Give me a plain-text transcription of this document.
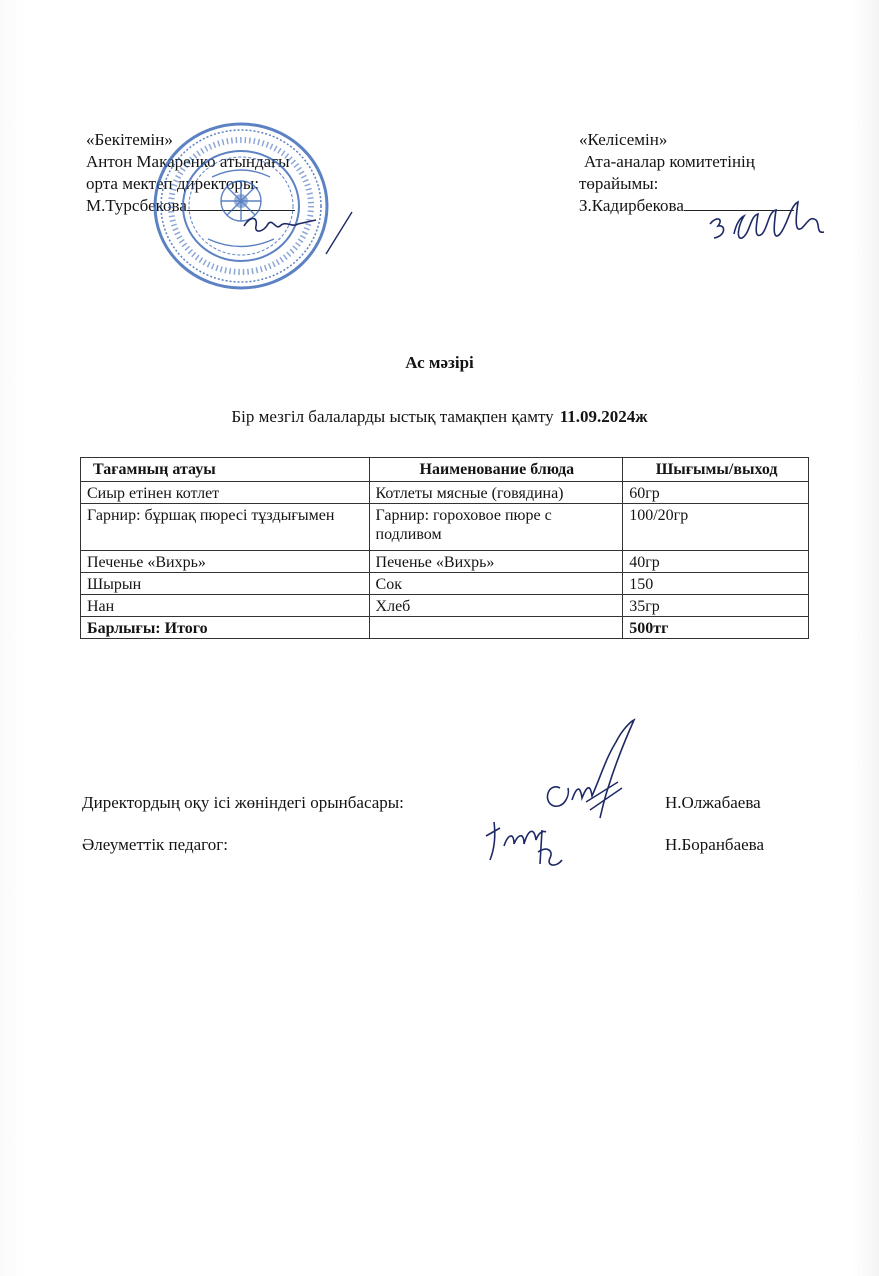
«Бекітемін»
Антон Макаренко атындағы
орта мектеп директоры:
М.Турсбекова
«Келісемін»
Ата-аналар комитетінің
төрайымы:
З.Кадирбекова
Ас мәзірі
Бір мезгіл балаларды ыстық тамақпен қамту 11.09.2024ж
Тағамның атауы	Наименование блюда	Шығымы/выход
Сиыр етінен котлет	Котлеты мясные (говядина)	60гр
Гарнир: бұршақ пюресі тұздығымен	Гарнир: гороховое пюре с подливом	100/20гр
Печенье «Вихрь»	Печенье «Вихрь»	40гр
Шырын	Сок	150
Нан	Хлеб	35гр
Барлығы: Итого		500тг
Директордың оқу ісі жөніндегі орынбасары:	Н.Олжабаева
Әлеуметтік педагог:	Н.Боранбаева
